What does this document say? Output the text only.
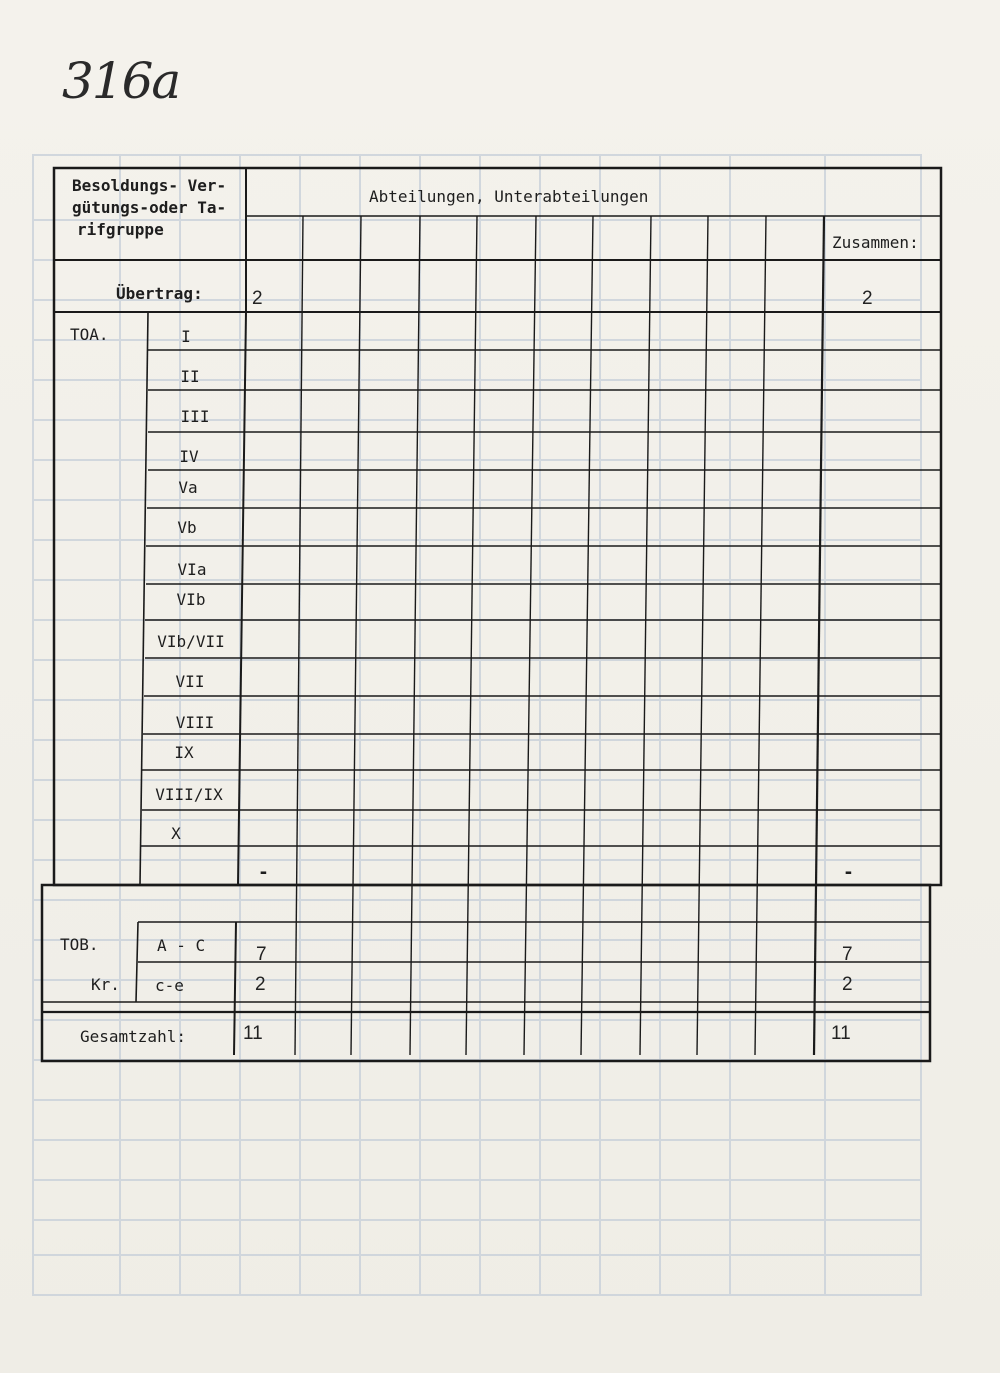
316a
Besoldungs- Ver-
gütungs-oder Ta-
rifgruppe
Abteilungen, Unterabteilungen
Zusammen:
Übertrag:	2	2
TOA.	I
II
III
IV
Va
Vb
VIa
VIb
VIb/VII
VII
VIII
IX
VIII/IX
X
-	-
TOB.	A - C	7	7
Kr. c-e	2	2
Gesamtzahl:	11	11
